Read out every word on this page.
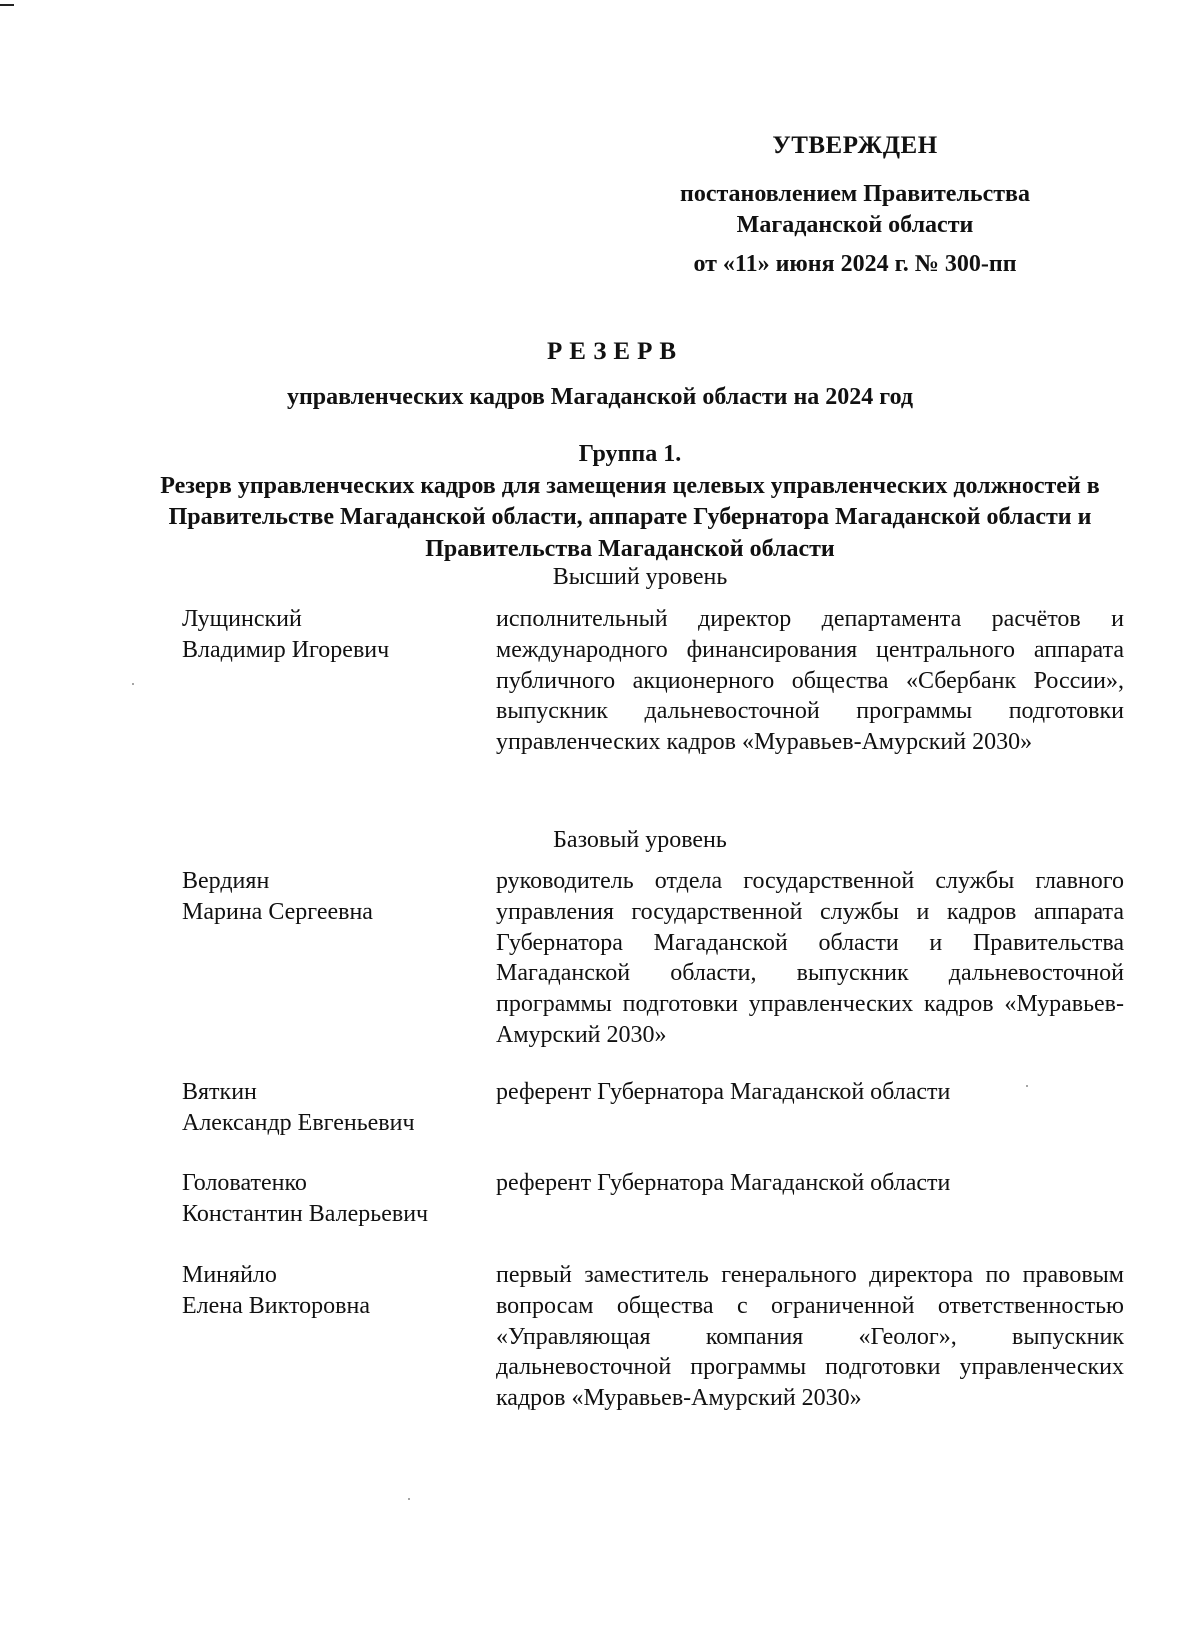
УТВЕРЖДЕН
постановлением Правительства
Магаданской области
от «11» июня 2024 г. № 300-пп
РЕЗЕРВ
управленческих кадров Магаданской области на 2024 год
Группа 1.
Резерв управленческих кадров для замещения целевых управленческих должностей в Правительстве Магаданской области, аппарате Губернатора Магаданской области и Правительства Магаданской области
Высший уровень
Лущинский
Владимир Игоревич
исполнительный директор департамента расчётов и международного финансирования центрального аппарата публичного акционерного общества «Сбербанк России», выпускник дальневосточной программы подготовки управленческих кадров «Муравьев-Амурский 2030»
Базовый уровень
Вердиян
Марина Сергеевна
руководитель отдела государственной службы главного управления государственной службы и кадров аппарата Губернатора Магаданской области и Правительства Магаданской области, выпускник дальневосточной программы подготовки управленческих кадров «Муравьев-Амурский 2030»
Вяткин
Александр Евгеньевич
референт Губернатора Магаданской области
Головатенко
Константин Валерьевич
референт Губернатора Магаданской области
Миняйло
Елена Викторовна
первый заместитель генерального директора по правовым вопросам общества с ограниченной ответственностью «Управляющая компания «Геолог», выпускник дальневосточной программы подготовки управленческих кадров «Муравьев-Амурский 2030»
